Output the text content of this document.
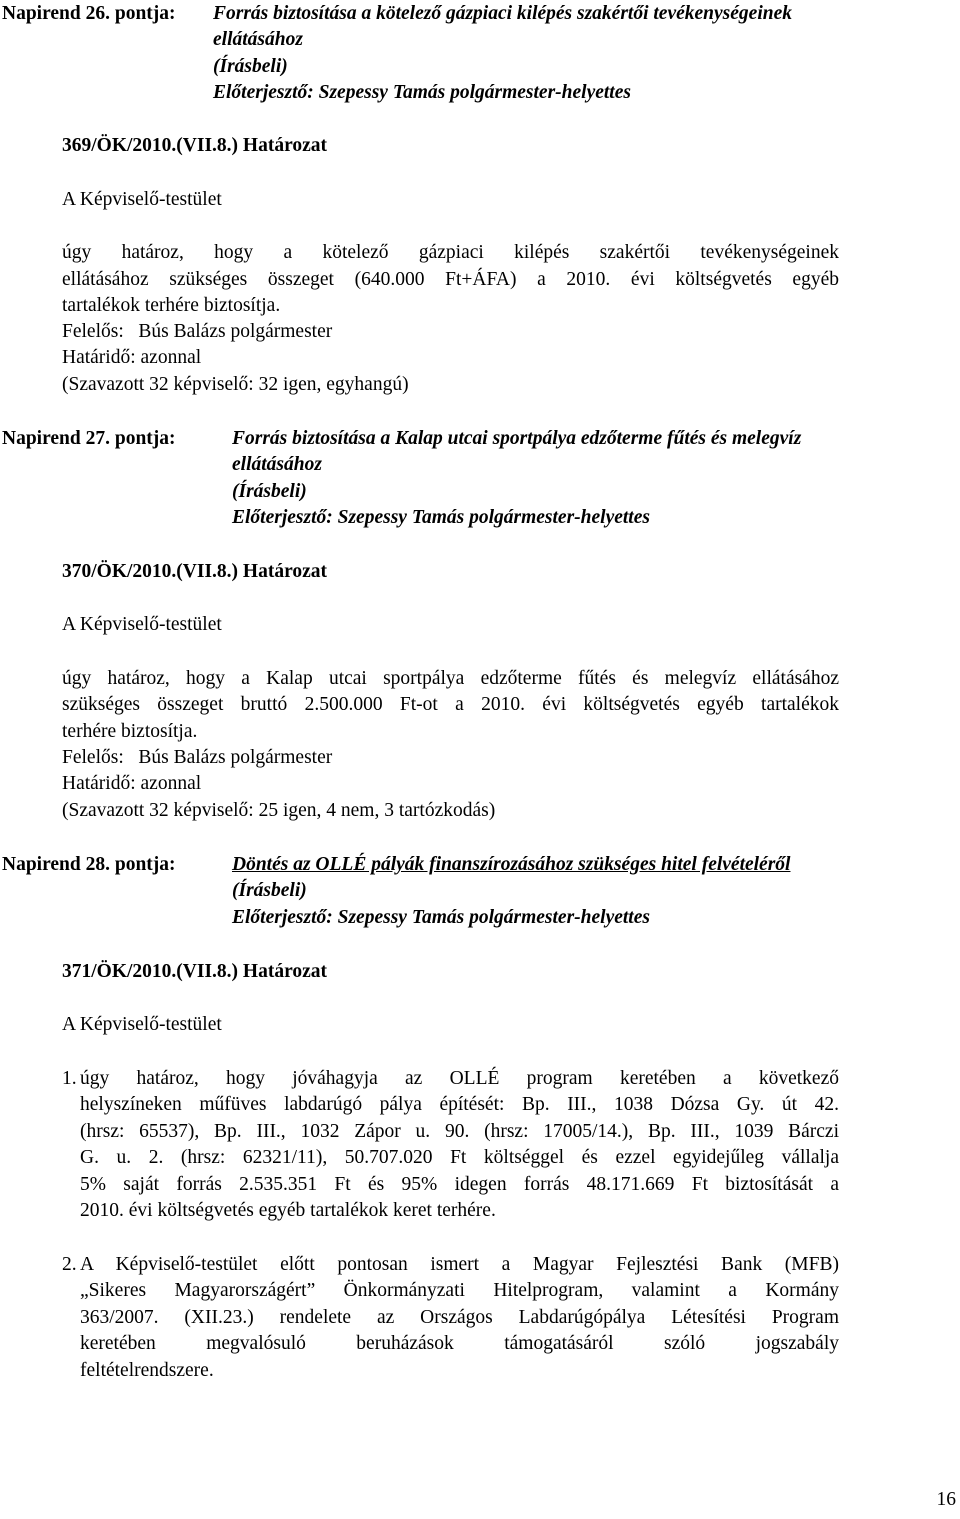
Napirend 26. pontja: Forrás biztosítása a kötelező gázpiaci kilépés szakértői tevékenységeinek
ellátásához
(Írásbeli)
Előterjesztő: Szepessy Tamás polgármester-helyettes
369/ÖK/2010.(VII.8.) Határozat
A Képviselő-testület
úgy határoz, hogy a kötelező gázpiaci kilépés szakértői tevékenységeinek
ellátásához szükséges összeget (640.000 Ft+ÁFA) a 2010. évi költségvetés egyéb
tartalékok terhére biztosítja.
Felelős: Bús Balázs polgármester
Határidő: azonnal
(Szavazott 32 képviselő: 32 igen, egyhangú)
Napirend 27. pontja:	Forrás biztosítása a Kalap utcai sportpálya edzőterme fűtés és melegvíz
ellátásához
(Írásbeli)
Előterjesztő: Szepessy Tamás polgármester-helyettes
370/ÖK/2010.(VII.8.) Határozat
A Képviselő-testület
úgy határoz, hogy a Kalap utcai sportpálya edzőterme fűtés és melegvíz ellátásához
szükséges összeget bruttó 2.500.000 Ft-ot a 2010. évi költségvetés egyéb tartalékok
terhére biztosítja.
Felelős: Bús Balázs polgármester
Határidő: azonnal
(Szavazott 32 képviselő: 25 igen, 4 nem, 3 tartózkodás)
Napirend 28. pontja:	Döntés az OLLÉ pályák finanszírozásához szükséges hitel felvételéről
(Írásbeli)
Előterjesztő: Szepessy Tamás polgármester-helyettes
371/ÖK/2010.(VII.8.) Határozat
A Képviselő-testület
1. úgy határoz, hogy jóváhagyja az OLLÉ program keretében a következő
helyszíneken műfüves labdarúgó pálya építését: Bp. III., 1038 Dózsa Gy. út 42.
(hrsz: 65537), Bp. III., 1032 Zápor u. 90. (hrsz: 17005/14.), Bp. III., 1039 Bárczi
G. u. 2. (hrsz: 62321/11), 50.707.020 Ft költséggel és ezzel egyidejűleg vállalja
5% saját forrás 2.535.351 Ft és 95% idegen forrás 48.171.669 Ft biztosítását a
2010. évi költségvetés egyéb tartalékok keret terhére.
2. A Képviselő-testület előtt pontosan ismert a Magyar Fejlesztési Bank (MFB)
„Sikeres Magyarországért” Önkormányzati Hitelprogram, valamint a Kormány
363/2007. (XII.23.) rendelete az Országos Labdarúgópálya Létesítési Program
keretében megvalósuló beruházások támogatásáról szóló jogszabály
feltételrendszere.
16
